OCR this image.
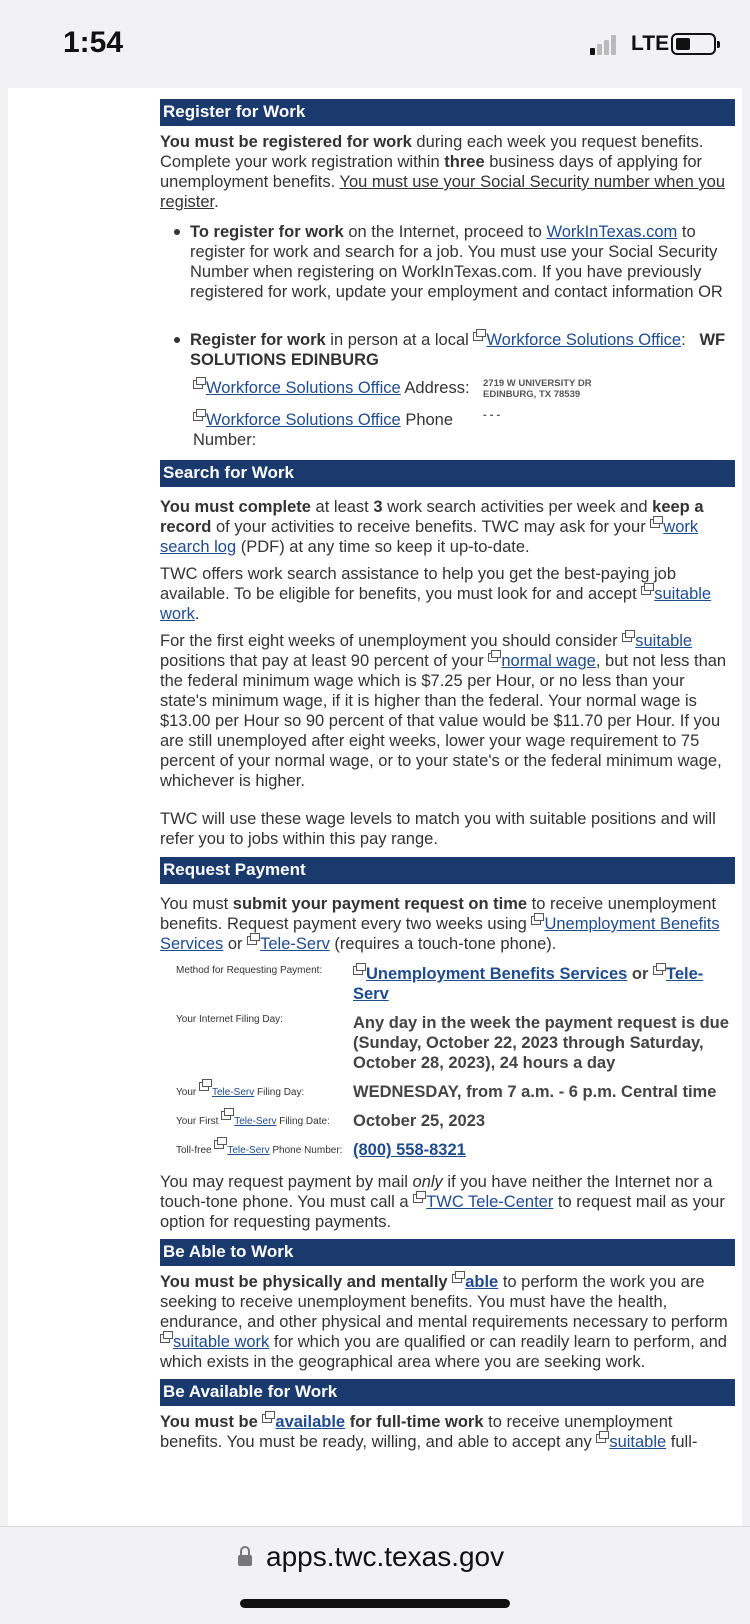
1:54	LTE
Register for Work

You must be registered for work during each week you request benefits. Complete your work registration within three business days of applying for unemployment benefits. You must use your Social Security number when you register.

To register for work on the Internet, proceed to WorkInTexas.com to register for work and search for a job. You must use your Social Security Number when registering on WorkInTexas.com. If you have previously registered for work, update your employment and contact information OR
Register for work in person at a local Workforce Solutions Office: WF SOLUTIONS EDINBURG
Workforce Solutions Office Address:	2719 W UNIVERSITY DR
EDINBURG, TX 78539
Workforce Solutions Office Phone Number:
- - -
Search for Work

You must complete at least 3 work search activities per week and keep a record of your activities to receive benefits. TWC may ask for your work search log (PDF) at any time so keep it up-to-date.

TWC offers work search assistance to help you get the best-paying job available. To be eligible for benefits, you must look for and accept suitable work.

For the first eight weeks of unemployment you should consider suitable positions that pay at least 90 percent of your normal wage, but not less than the federal minimum wage which is $7.25 per Hour, or no less than your state's minimum wage, if it is higher than the federal. Your normal wage is $13.00 per Hour so 90 percent of that value would be $11.70 per Hour. If you are still unemployed after eight weeks, lower your wage requirement to 75 percent of your normal wage, or to your state's or the federal minimum wage, whichever is higher.

TWC will use these wage levels to match you with suitable positions and will refer you to jobs within this pay range.

Request Payment

You must submit your payment request on time to receive unemployment benefits. Request payment every two weeks using Unemployment Benefits Services or Tele-Serv (requires a touch-tone phone).

Method for Requesting Payment:	Unemployment Benefits Services or Tele-Serv
Your Internet Filing Day:	Any day in the week the payment request is due
(Sunday, October 22, 2023 through Saturday, October 28, 2023), 24 hours a day

Your Tele-Serv Filing Day:	WEDNESDAY, from 7 a.m. - 6 p.m. Central time
Your First Tele-Serv Filing Date:	October 25, 2023
Toll-free Tele-Serv Phone Number:	(800) 558-8321

You may request payment by mail only if you have neither the Internet nor a touch-tone phone. You must call a TWC Tele-Center to request mail as your option for requesting payments.

Be Able to Work

You must be physically and mentally able to perform the work you are seeking to receive unemployment benefits. You must have the health, endurance, and other physical and mental requirements necessary to perform suitable work for which you are qualified or can readily learn to perform, and which exists in the geographical area where you are seeking work.

Be Available for Work

You must be available for full-time work to receive unemployment benefits. You must be ready, willing, and able to accept any suitable full-

apps.twc.texas.gov
